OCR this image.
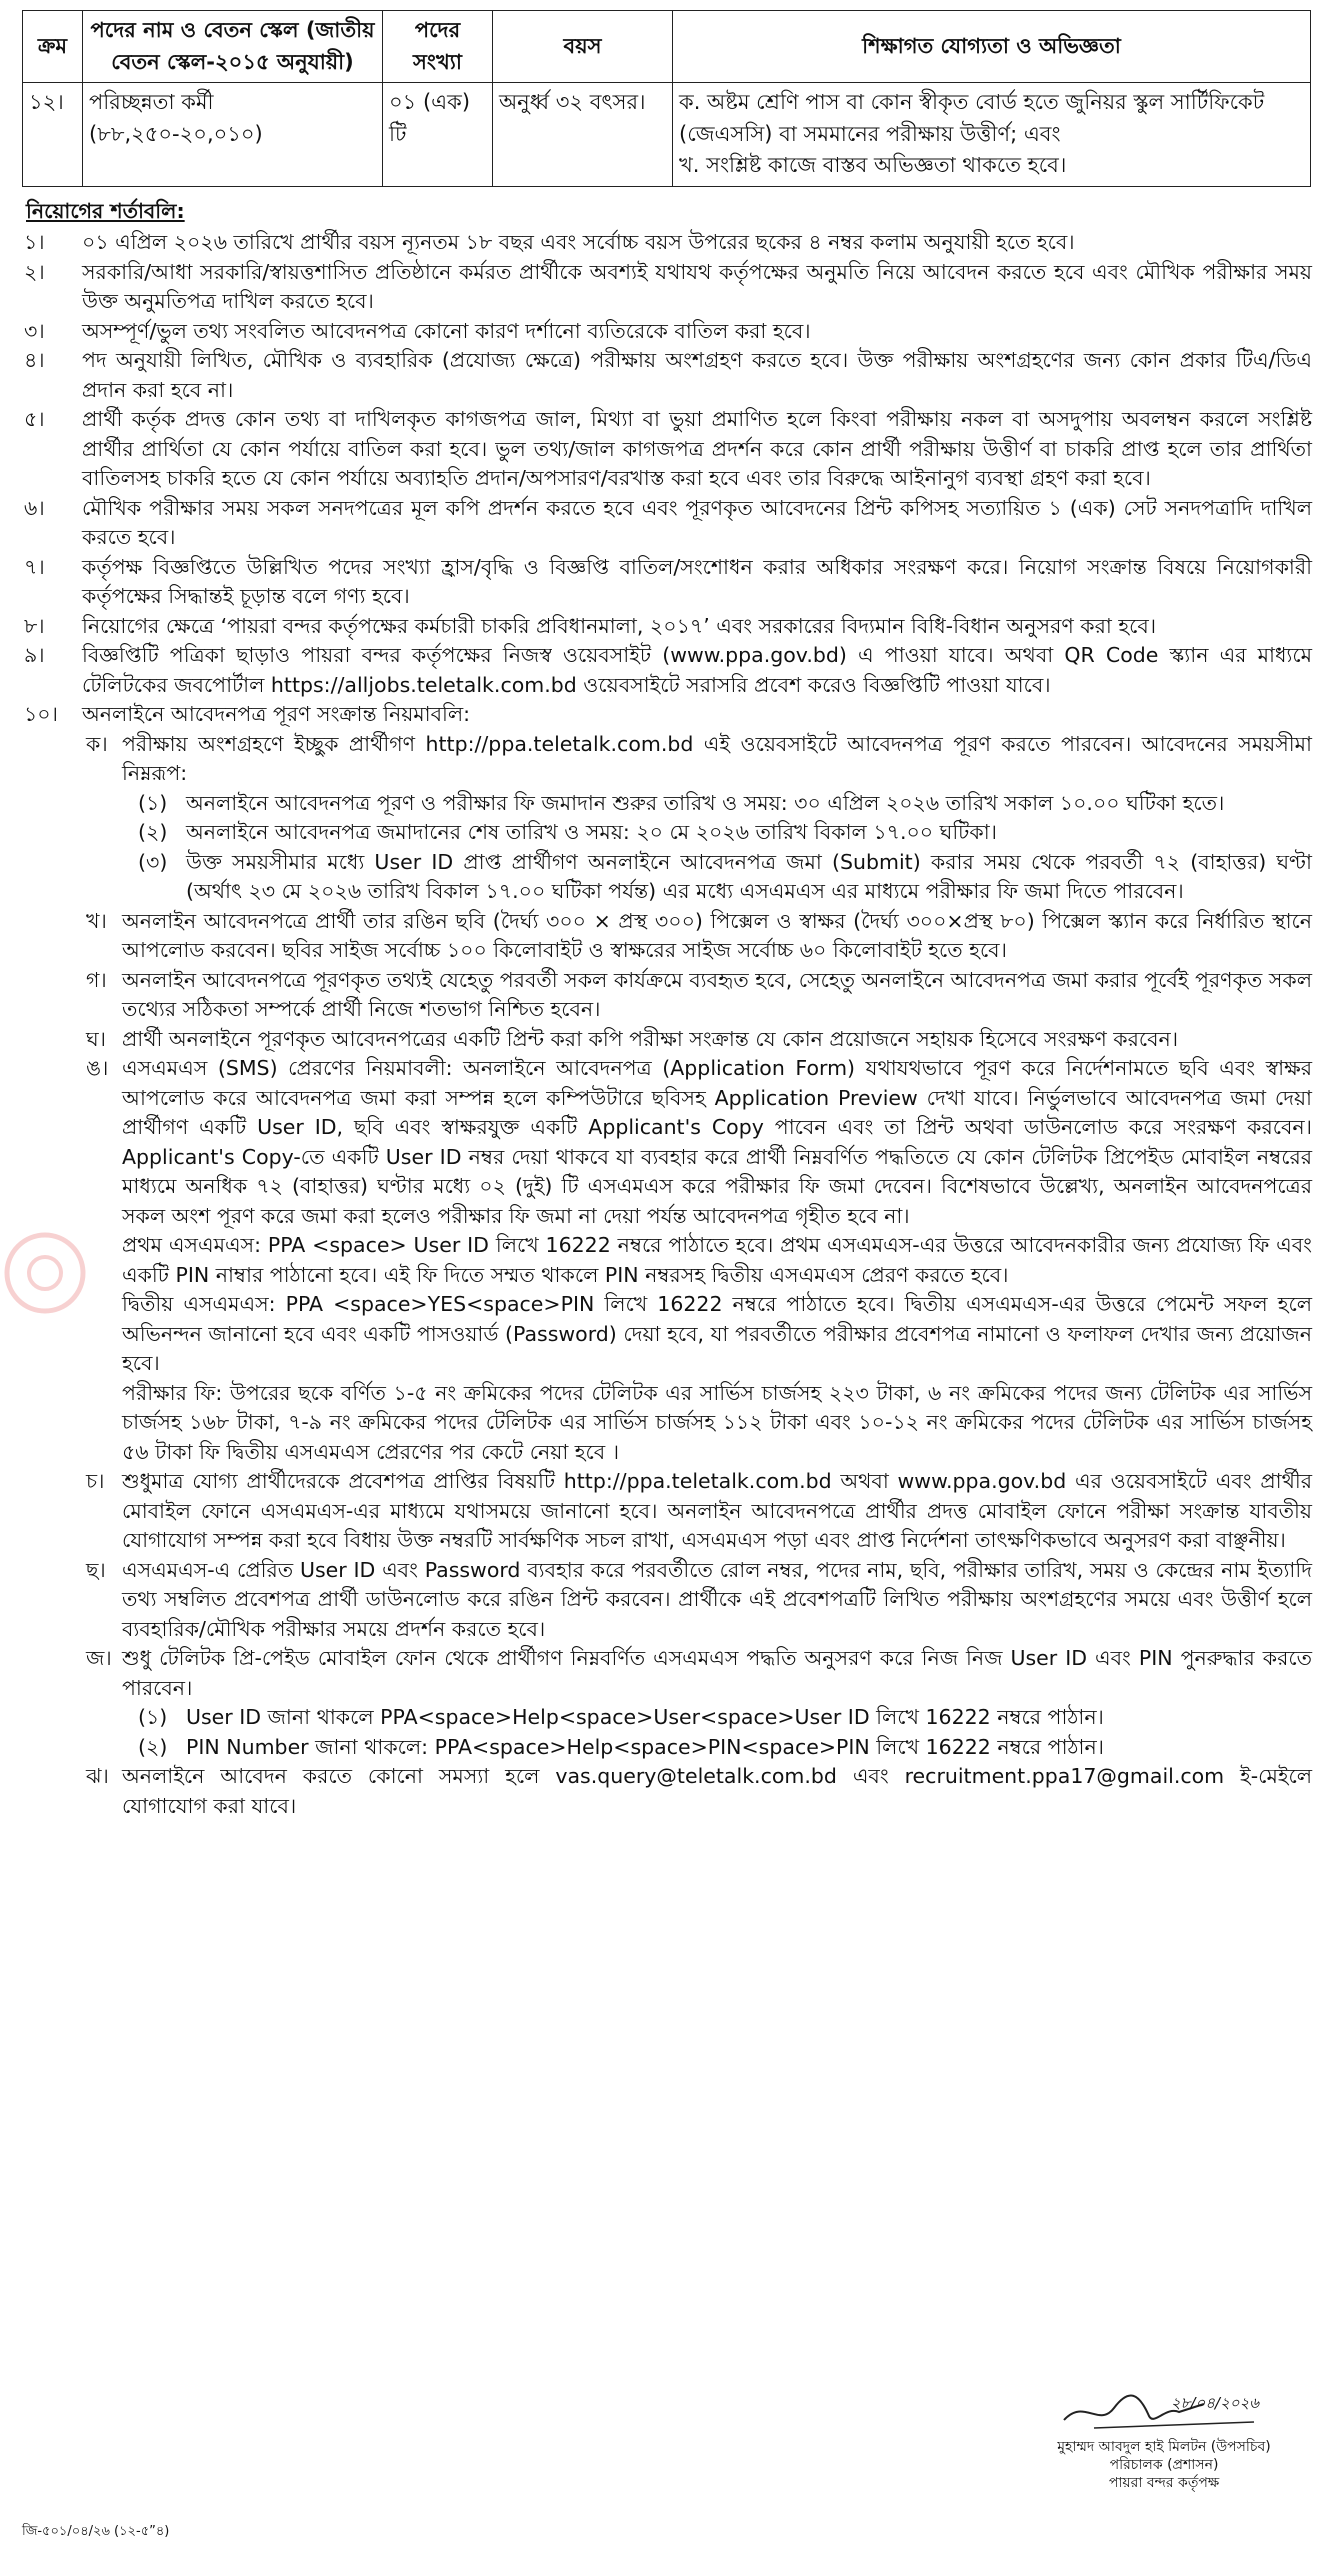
ক্রম	পদের নাম ও বেতন স্কেল (জাতীয় বেতন স্কেল-২০১৫ অনুযায়ী)	পদের সংখ্যা	বয়স	শিক্ষাগত যোগ্যতা ও অভিজ্ঞতা
১২।	পরিচ্ছন্নতা কর্মী (৮৮,২৫০-২০,০১০)	০১ (এক) টি	অনুর্ধ্ব ৩২ বৎসর।	ক. অষ্টম শ্রেণি পাস বা কোন স্বীকৃত বোর্ড হতে জুনিয়র স্কুল সার্টিফিকেট (জেএসসি) বা সমমানের পরীক্ষায় উত্তীর্ণ; এবং
খ. সংশ্লিষ্ট কাজে বাস্তব অভিজ্ঞতা থাকতে হবে।
নিয়োগের শর্তাবলি:
১। ০১ এপ্রিল ২০২৬ তারিখে প্রার্থীর বয়স ন্যূনতম ১৮ বছর এবং সর্বোচ্চ বয়স উপরের ছকের ৪ নম্বর কলাম অনুযায়ী হতে হবে।
২। সরকারি/আধা সরকারি/স্বায়ত্তশাসিত প্রতিষ্ঠানে কর্মরত প্রার্থীকে অবশ্যই যথাযথ কর্তৃপক্ষের অনুমতি নিয়ে আবেদন করতে হবে এবং মৌখিক পরীক্ষার সময় উক্ত অনুমতিপত্র দাখিল করতে হবে।
৩। অসম্পূর্ণ/ভুল তথ্য সংবলিত আবেদনপত্র কোনো কারণ দর্শানো ব্যতিরেকে বাতিল করা হবে।
৪। পদ অনুযায়ী লিখিত, মৌখিক ও ব্যবহারিক (প্রযোজ্য ক্ষেত্রে) পরীক্ষায় অংশগ্রহণ করতে হবে। উক্ত পরীক্ষায় অংশগ্রহণের জন্য কোন প্রকার টিএ/ডিএ প্রদান করা হবে না।
৫। প্রার্থী কর্তৃক প্রদত্ত কোন তথ্য বা দাখিলকৃত কাগজপত্র জাল, মিথ্যা বা ভুয়া প্রমাণিত হলে কিংবা পরীক্ষায় নকল বা অসদুপায় অবলম্বন করলে সংশ্লিষ্ট প্রার্থীর প্রার্থিতা যে কোন পর্যায়ে বাতিল করা হবে। ভুল তথ্য/জাল কাগজপত্র প্রদর্শন করে কোন প্রার্থী পরীক্ষায় উত্তীর্ণ বা চাকরি প্রাপ্ত হলে তার প্রার্থিতা বাতিলসহ চাকরি হতে যে কোন পর্যায়ে অব্যাহতি প্রদান/অপসারণ/বরখাস্ত করা হবে এবং তার বিরুদ্ধে আইনানুগ ব্যবস্থা গ্রহণ করা হবে।
৬। মৌখিক পরীক্ষার সময় সকল সনদপত্রের মূল কপি প্রদর্শন করতে হবে এবং পূরণকৃত আবেদনের প্রিন্ট কপিসহ সত্যায়িত ১ (এক) সেট সনদপত্রাদি দাখিল করতে হবে।
৭। কর্তৃপক্ষ বিজ্ঞপ্তিতে উল্লিখিত পদের সংখ্যা হ্রাস/বৃদ্ধি ও বিজ্ঞপ্তি বাতিল/সংশোধন করার অধিকার সংরক্ষণ করে। নিয়োগ সংক্রান্ত বিষয়ে নিয়োগকারী কর্তৃপক্ষের সিদ্ধান্তই চূড়ান্ত বলে গণ্য হবে।
৮। নিয়োগের ক্ষেত্রে ‘পায়রা বন্দর কর্তৃপক্ষের কর্মচারী চাকরি প্রবিধানমালা, ২০১৭’ এবং সরকারের বিদ্যমান বিধি-বিধান অনুসরণ করা হবে।
৯। বিজ্ঞপ্তিটি পত্রিকা ছাড়াও পায়রা বন্দর কর্তৃপক্ষের নিজস্ব ওয়েবসাইট (www.ppa.gov.bd) এ পাওয়া যাবে। অথবা QR Code স্ক্যান এর মাধ্যমে টেলিটকের জবপোর্টাল https://alljobs.teletalk.com.bd ওয়েবসাইটে সরাসরি প্রবেশ করেও বিজ্ঞপ্তিটি পাওয়া যাবে।
১০। অনলাইনে আবেদনপত্র পূরণ সংক্রান্ত নিয়মাবলি:
ক। পরীক্ষায় অংশগ্রহণে ইচ্ছুক প্রার্থীগণ http://ppa.teletalk.com.bd এই ওয়েবসাইটে আবেদনপত্র পূরণ করতে পারবেন। আবেদনের সময়সীমা নিম্নরূপ:
(১) অনলাইনে আবেদনপত্র পূরণ ও পরীক্ষার ফি জমাদান শুরুর তারিখ ও সময়: ৩০ এপ্রিল ২০২৬ তারিখ সকাল ১০.০০ ঘটিকা হতে।
(২) অনলাইনে আবেদনপত্র জমাদানের শেষ তারিখ ও সময়: ২০ মে ২০২৬ তারিখ বিকাল ১৭.০০ ঘটিকা।
(৩) উক্ত সময়সীমার মধ্যে User ID প্রাপ্ত প্রার্থীগণ অনলাইনে আবেদনপত্র জমা (Submit) করার সময় থেকে পরবর্তী ৭২ (বাহাত্তর) ঘণ্টা (অর্থাৎ ২৩ মে ২০২৬ তারিখ বিকাল ১৭.০০ ঘটিকা পর্যন্ত) এর মধ্যে এসএমএস এর মাধ্যমে পরীক্ষার ফি জমা দিতে পারবেন।
খ। অনলাইন আবেদনপত্রে প্রার্থী তার রঙিন ছবি (দৈর্ঘ্য ৩০০ × প্রস্থ ৩০০) পিক্সেল ও স্বাক্ষর (দৈর্ঘ্য ৩০০×প্রস্থ ৮০) পিক্সেল স্ক্যান করে নির্ধারিত স্থানে আপলোড করবেন। ছবির সাইজ সর্বোচ্চ ১০০ কিলোবাইট ও স্বাক্ষরের সাইজ সর্বোচ্চ ৬০ কিলোবাইট হতে হবে।
গ। অনলাইন আবেদনপত্রে পূরণকৃত তথ্যই যেহেতু পরবর্তী সকল কার্যক্রমে ব্যবহৃত হবে, সেহেতু অনলাইনে আবেদনপত্র জমা করার পূর্বেই পূরণকৃত সকল তথ্যের সঠিকতা সম্পর্কে প্রার্থী নিজে শতভাগ নিশ্চিত হবেন।
ঘ। প্রার্থী অনলাইনে পূরণকৃত আবেদনপত্রের একটি প্রিন্ট করা কপি পরীক্ষা সংক্রান্ত যে কোন প্রয়োজনে সহায়ক হিসেবে সংরক্ষণ করবেন।
ঙ। এসএমএস (SMS) প্রেরণের নিয়মাবলী: অনলাইনে আবেদনপত্র (Application Form) যথাযথভাবে পূরণ করে নির্দেশনামতে ছবি এবং স্বাক্ষর আপলোড করে আবেদনপত্র জমা করা সম্পন্ন হলে কম্পিউটারে ছবিসহ Application Preview দেখা যাবে। নির্ভুলভাবে আবেদনপত্র জমা দেয়া প্রার্থীগণ একটি User ID, ছবি এবং স্বাক্ষরযুক্ত একটি Applicant's Copy পাবেন এবং তা প্রিন্ট অথবা ডাউনলোড করে সংরক্ষণ করবেন। Applicant's Copy-তে একটি User ID নম্বর দেয়া থাকবে যা ব্যবহার করে প্রার্থী নিম্নবর্ণিত পদ্ধতিতে যে কোন টেলিটক প্রিপেইড মোবাইল নম্বরের মাধ্যমে অনধিক ৭২ (বাহাত্তর) ঘণ্টার মধ্যে ০২ (দুই) টি এসএমএস করে পরীক্ষার ফি জমা দেবেন। বিশেষভাবে উল্লেখ্য, অনলাইন আবেদনপত্রের সকল অংশ পূরণ করে জমা করা হলেও পরীক্ষার ফি জমা না দেয়া পর্যন্ত আবেদনপত্র গৃহীত হবে না।
প্রথম এসএমএস: PPA <space> User ID লিখে 16222 নম্বরে পাঠাতে হবে। প্রথম এসএমএস-এর উত্তরে আবেদনকারীর জন্য প্রযোজ্য ফি এবং একটি PIN নাম্বার পাঠানো হবে। এই ফি দিতে সম্মত থাকলে PIN নম্বরসহ দ্বিতীয় এসএমএস প্রেরণ করতে হবে।
দ্বিতীয় এসএমএস: PPA <space>YES<space>PIN লিখে 16222 নম্বরে পাঠাতে হবে। দ্বিতীয় এসএমএস-এর উত্তরে পেমেন্ট সফল হলে অভিনন্দন জানানো হবে এবং একটি পাসওয়ার্ড (Password) দেয়া হবে, যা পরবর্তীতে পরীক্ষার প্রবেশপত্র নামানো ও ফলাফল দেখার জন্য প্রয়োজন হবে।
পরীক্ষার ফি: উপরের ছকে বর্ণিত ১-৫ নং ক্রমিকের পদের টেলিটক এর সার্ভিস চার্জসহ ২২৩ টাকা, ৬ নং ক্রমিকের পদের জন্য টেলিটক এর সার্ভিস চার্জসহ ১৬৮ টাকা, ৭-৯ নং ক্রমিকের পদের টেলিটক এর সার্ভিস চার্জসহ ১১২ টাকা এবং ১০-১২ নং ক্রমিকের পদের টেলিটক এর সার্ভিস চার্জসহ ৫৬ টাকা ফি দ্বিতীয় এসএমএস প্রেরণের পর কেটে নেয়া হবে ।
চ। শুধুমাত্র যোগ্য প্রার্থীদেরকে প্রবেশপত্র প্রাপ্তির বিষয়টি http://ppa.teletalk.com.bd অথবা www.ppa.gov.bd এর ওয়েবসাইটে এবং প্রার্থীর মোবাইল ফোনে এসএমএস-এর মাধ্যমে যথাসময়ে জানানো হবে। অনলাইন আবেদনপত্রে প্রার্থীর প্রদত্ত মোবাইল ফোনে পরীক্ষা সংক্রান্ত যাবতীয় যোগাযোগ সম্পন্ন করা হবে বিধায় উক্ত নম্বরটি সার্বক্ষণিক সচল রাখা, এসএমএস পড়া এবং প্রাপ্ত নির্দেশনা তাৎক্ষণিকভাবে অনুসরণ করা বাঞ্ছনীয়।
ছ। এসএমএস-এ প্রেরিত User ID এবং Password ব্যবহার করে পরবর্তীতে রোল নম্বর, পদের নাম, ছবি, পরীক্ষার তারিখ, সময় ও কেন্দ্রের নাম ইত্যাদি তথ্য সম্বলিত প্রবেশপত্র প্রার্থী ডাউনলোড করে রঙিন প্রিন্ট করবেন। প্রার্থীকে এই প্রবেশপত্রটি লিখিত পরীক্ষায় অংশগ্রহণের সময়ে এবং উত্তীর্ণ হলে ব্যবহারিক/মৌখিক পরীক্ষার সময়ে প্রদর্শন করতে হবে।
জ। শুধু টেলিটক প্রি-পেইড মোবাইল ফোন থেকে প্রার্থীগণ নিম্নবর্ণিত এসএমএস পদ্ধতি অনুসরণ করে নিজ নিজ User ID এবং PIN পুনরুদ্ধার করতে পারবেন।
(১) User ID জানা থাকলে PPA<space>Help<space>User<space>User ID লিখে 16222 নম্বরে পাঠান।
(২) PIN Number জানা থাকলে: PPA<space>Help<space>PIN<space>PIN লিখে 16222 নম্বরে পাঠান।
ঝ। অনলাইনে আবেদন করতে কোনো সমস্যা হলে vas.query@teletalk.com.bd এবং recruitment.ppa17@gmail.com ই-মেইলে যোগাযোগ করা যাবে।
২৮/০৪/২০২৬
মুহাম্মদ আবদুল হাই মিলটন (উপসচিব)
পরিচালক (প্রশাসন)
পায়রা বন্দর কর্তৃপক্ষ
জি-৫০১/০৪/২৬ (১২-৫”৪)
